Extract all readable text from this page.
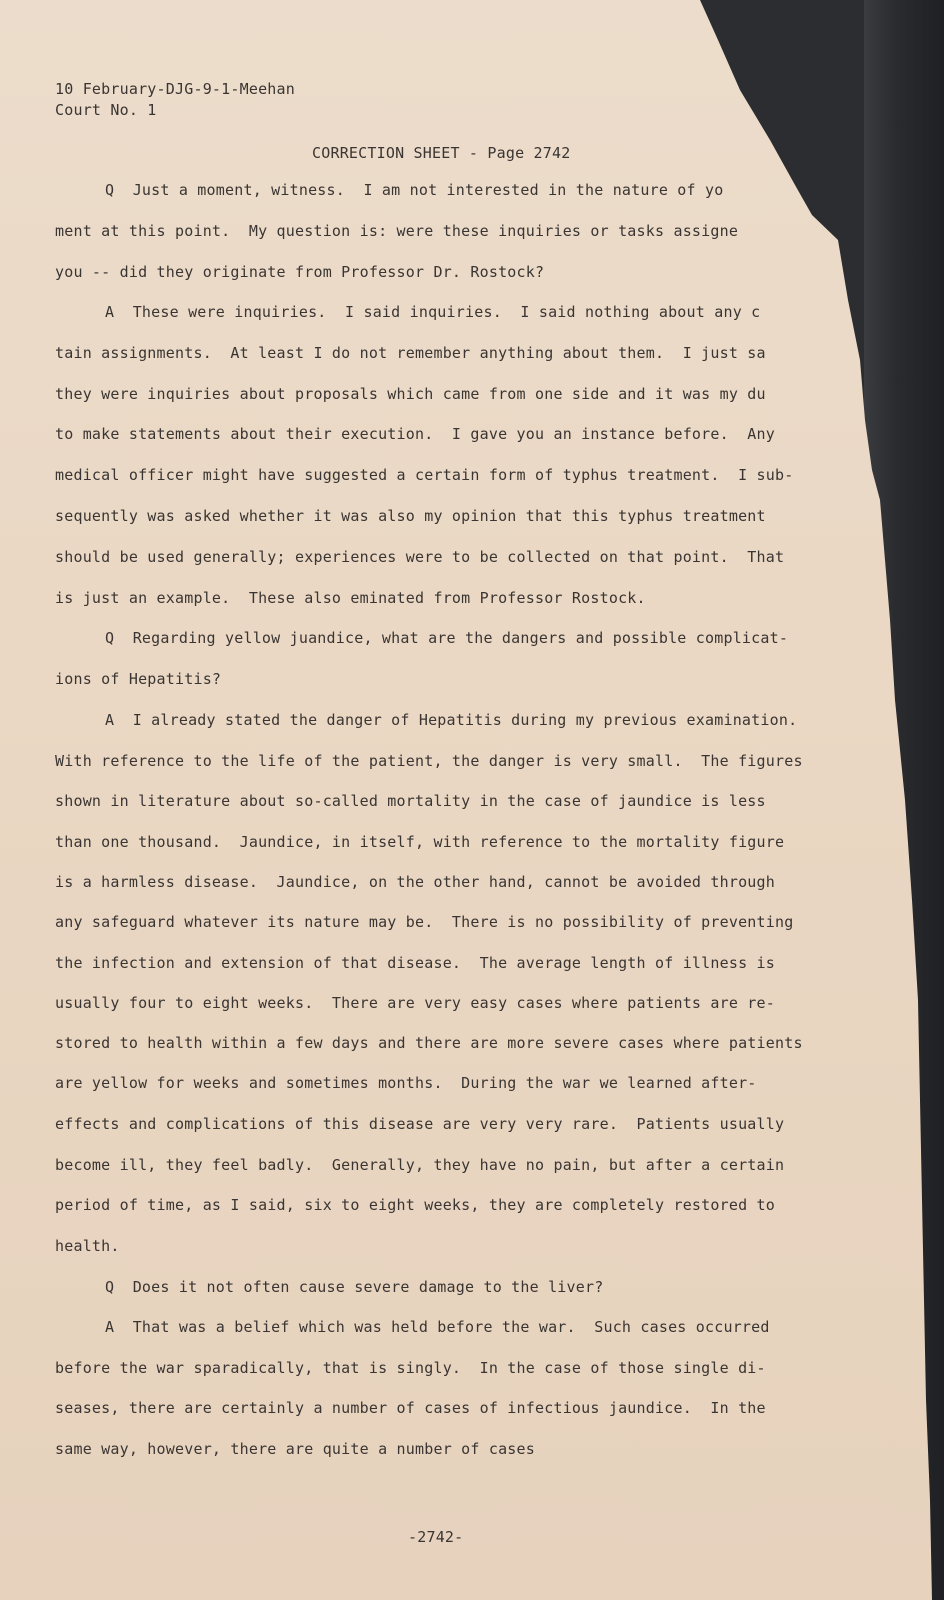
10 February-DJG-9-1-Meehan
Court No. 1
CORRECTION SHEET - Page 2742
Q  Just a moment, witness.  I am not interested in the nature of yo
ment at this point.  My question is: were these inquiries or tasks assigne
you -- did they originate from Professor Dr. Rostock?
A  These were inquiries.  I said inquiries.  I said nothing about any c
tain assignments.  At least I do not remember anything about them.  I just sa
they were inquiries about proposals which came from one side and it was my du
to make statements about their execution.  I gave you an instance before.  Any
medical officer might have suggested a certain form of typhus treatment.  I sub-
sequently was asked whether it was also my opinion that this typhus treatment
should be used generally; experiences were to be collected on that point.  That
is just an example.  These also eminated from Professor Rostock.
Q  Regarding yellow juandice, what are the dangers and possible complicat-
ions of Hepatitis?
A  I already stated the danger of Hepatitis during my previous examination.
With reference to the life of the patient, the danger is very small.  The figures
shown in literature about so-called mortality in the case of jaundice is less
than one thousand.  Jaundice, in itself, with reference to the mortality figure
is a harmless disease.  Jaundice, on the other hand, cannot be avoided through
any safeguard whatever its nature may be.  There is no possibility of preventing
the infection and extension of that disease.  The average length of illness is
usually four to eight weeks.  There are very easy cases where patients are re-
stored to health within a few days and there are more severe cases where patients
are yellow for weeks and sometimes months.  During the war we learned after-
effects and complications of this disease are very very rare.  Patients usually
become ill, they feel badly.  Generally, they have no pain, but after a certain
period of time, as I said, six to eight weeks, they are completely restored to
health.
Q  Does it not often cause severe damage to the liver?
A  That was a belief which was held before the war.  Such cases occurred
before the war sparadically, that is singly.  In the case of those single di-
seases, there are certainly a number of cases of infectious jaundice.  In the
same way, however, there are quite a number of cases
-2742-
